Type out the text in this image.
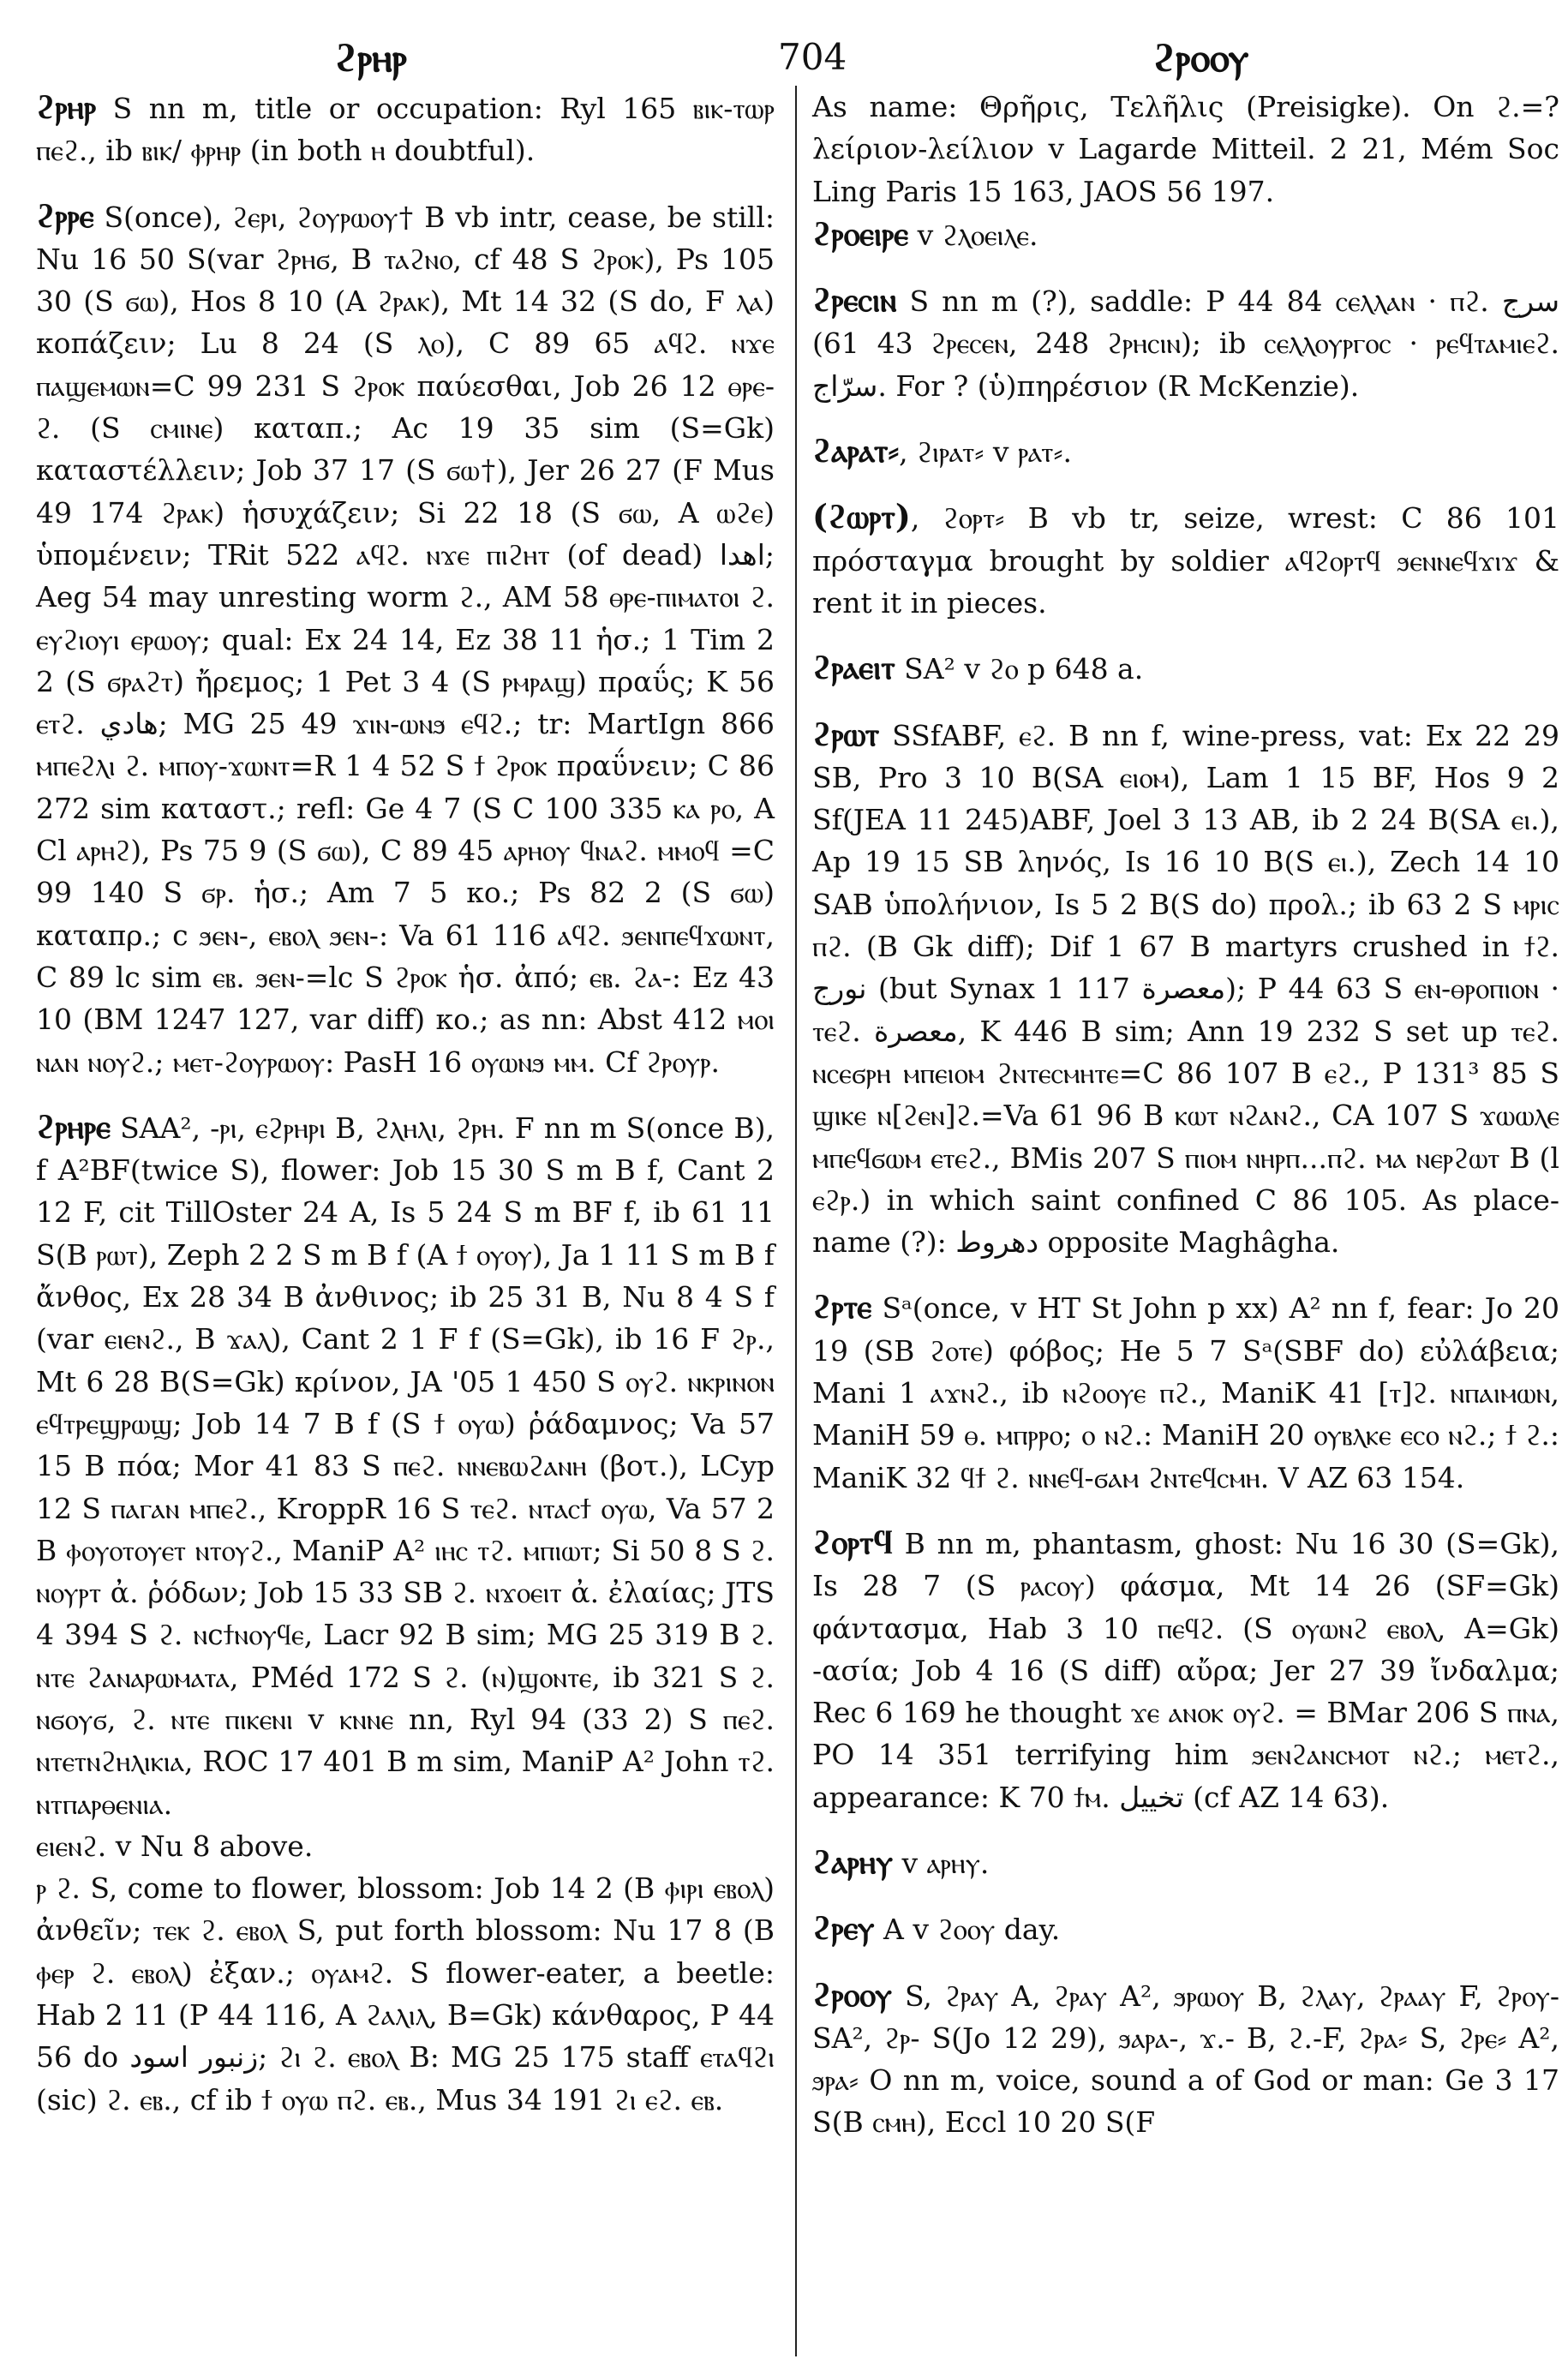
ϩⲣⲏⲣ	704	ϩⲣⲟⲟⲩ

ϩⲣⲏⲣ S nn m, title or occupation: Ryl 165 ⲃⲓⲕ-ⲧⲱⲣ ⲡⲉϩ., ib ⲃⲓⲕ/ ⲫⲣⲏⲣ (in both ⲏ doubtful).

ϩⲣⲣⲉ S(once), ϩⲉⲣⲓ, ϩⲟⲩⲣⲱⲟⲩ† B vb intr, cease, be still: Nu 16 50 S(var ϩⲣⲏϭ, B ⲧⲁϩⲛⲟ, cf 48 S ϩⲣⲟⲕ), Ps 105 30 (S ϭⲱ), Hos 8 10 (A ϩⲣⲁⲕ), Mt 14 32 (S do, F ⲗⲁ) κοπάζειν; Lu 8 24 (S ⲗⲟ), C 89 65 ⲁϥϩ. ⲛϫⲉ ⲡⲁϣⲉⲙⲱⲛ=C 99 231 S ϩⲣⲟⲕ παύεσθαι, Job 26 12 ⲑⲣⲉ- ϩ. (S ⲥⲙⲓⲛⲉ) καταπ.; Ac 19 35 sim (S=Gk) καταστέλλειν; Job 37 17 (S ϭⲱ†), Jer 26 27 (F Mus 49 174 ϩⲣⲁⲕ) ἡσυχάζειν; Si 22 18 (S ϭⲱ, A ⲱϩⲉ) ὑπομένειν; TRit 522 ⲁϥϩ. ⲛϫⲉ ⲡⲓϩⲏⲧ (of dead) اهدا; Aeg 54 may unresting worm ϩ., AM 58 ⲑⲣⲉ-ⲡⲓⲙⲁⲧⲟⲓ ϩ. ⲉⲩϩⲓⲟⲩⲓ ⲉⲣⲱⲟⲩ; qual: Ex 24 14, Ez 38 11 ἡσ.; 1 Tim 2 2 (S ϭⲣⲁϩⲧ) ἤρεμος; 1 Pet 3 4 (S ⲣⲙⲣⲁϣ) πραΰς; K 56 ⲉⲧϩ. هادي; MG 25 49 ϫⲓⲛ-ⲱⲛϧ ⲉϥϩ.; tr: MartIgn 866 ⲙⲡⲉϩⲗⲓ ϩ. ⲙⲡⲟⲩ-ϫⲱⲛⲧ=R 1 4 52 S ϯ ϩⲣⲟⲕ πραΰνειν; C 86 272 sim καταστ.; refl: Ge 4 7 (S C 100 335 ⲕⲁ ⲣⲟ, A Cl ⲁⲣⲏϩ), Ps 75 9 (S ϭⲱ), C 89 45 ⲁⲣⲏⲟⲩ ϥⲛⲁϩ. ⲙⲙⲟϥ =C 99 140 S ϭⲣ. ἡσ.; Am 7 5 κο.; Ps 82 2 (S ϭⲱ) καταπρ.; c ϧⲉⲛ-, ⲉⲃⲟⲗ ϧⲉⲛ-: Va 61 116 ⲁϥϩ. ϧⲉⲛⲡⲉϥϫⲱⲛⲧ, C 89 lc sim ⲉⲃ. ϧⲉⲛ-=lc S ϩⲣⲟⲕ ἡσ. ἀπό; ⲉⲃ. ϩⲁ-: Ez 43 10 (BM 1247 127, var diff) κο.; as nn: Abst 412 ⲙⲟⲓ ⲛⲁⲛ ⲛⲟⲩϩ.; ⲙⲉⲧ-ϩⲟⲩⲣⲱⲟⲩ: PasH 16 ⲟⲩⲱⲛϧ ⲙⲙ. Cf ϩⲣⲟⲩⲣ.

ϩⲣⲏⲣⲉ SAA², -ⲣⲓ, ⲉϩⲣⲏⲣⲓ B, ϩⲗⲏⲗⲓ, ϩⲣⲏ. F nn m S(once B), f A²BF(twice S), flower: Job 15 30 S m B f, Cant 2 12 F, cit TillOster 24 A, Is 5 24 S m BF f, ib 61 11 S(B ⲣⲱⲧ), Zeph 2 2 S m B f (A ϯ ⲟⲩⲟⲩ), Ja 1 11 S m B f ἄνθος, Ex 28 34 B ἀνθινος; ib 25 31 B, Nu 8 4 S f (var ⲉⲓⲉⲛϩ., B ϫⲁⲗ), Cant 2 1 F f (S=Gk), ib 16 F ϩⲣ., Mt 6 28 B(S=Gk) κρίνον, JA '05 1 450 S ⲟⲩϩ. ⲛⲕⲣⲓⲛⲟⲛ ⲉϥⲧⲣⲉϣⲣⲱϣ; Job 14 7 B f (S ϯ ⲟⲩⲱ) ῥάδαμνος; Va 57 15 B πόα; Mor 41 83 S ⲡⲉϩ. ⲛⲛⲉⲃⲱϩⲁⲛⲏ (βοτ.), LCyp 12 S ⲡⲁⲅⲁⲛ ⲙⲡⲉϩ., KroppR 16 S ⲧⲉϩ. ⲛⲧⲁⲥϯ ⲟⲩⲱ, Va 57 2 B ⲫⲟⲩⲟⲧⲟⲩⲉⲧ ⲛⲧⲟⲩϩ., ManiP A² ⲓⲏⲥ ⲧϩ. ⲙⲡⲓⲱⲧ; Si 50 8 S ϩ. ⲛⲟⲩⲣⲧ ἀ. ῥόδων; Job 15 33 SB ϩ. ⲛϫⲟⲉⲓⲧ ἀ. ἐλαίας; JTS 4 394 S ϩ. ⲛϲϯⲛⲟⲩϥⲉ, Lacr 92 B sim; MG 25 319 B ϩ. ⲛⲧⲉ ϩⲁⲛⲁⲣⲱⲙⲁⲧⲁ, PMéd 172 S ϩ. (ⲛ)ϣⲟⲛⲧⲉ, ib 321 S ϩ. ⲛϭⲟⲩϭ, ϩ. ⲛⲧⲉ ⲡⲓⲕⲉⲛⲓ v ⲕⲛⲛⲉ nn, Ryl 94 (33 2) S ⲡⲉϩ. ⲛⲧⲉⲧⲛϩⲏⲗⲓⲕⲓⲁ, ROC 17 401 B m sim, ManiP A² John ⲧϩ. ⲛⲧⲡⲁⲣⲑⲉⲛⲓⲁ.

ⲉⲓⲉⲛϩ. v Nu 8 above.

ⲣ ϩ. S, come to flower, blossom: Job 14 2 (B ⲫⲓⲣⲓ ⲉⲃⲟⲗ) ἀνθεῖν; ⲧⲉⲕ ϩ. ⲉⲃⲟⲗ S, put forth blossom: Nu 17 8 (B ⲫⲉⲣ ϩ. ⲉⲃⲟⲗ) ἐξαν.; ⲟⲩⲁⲙϩ. S flower-eater, a beetle: Hab 2 11 (P 44 116, A ϩⲁⲗⲓⲗ, B=Gk) κάνθαρος, P 44 56 do زنبور اسود; ϩⲓ ϩ. ⲉⲃⲟⲗ B: MG 25 175 staff ⲉⲧⲁϥϩⲓ (sic) ϩ. ⲉⲃ., cf ib ϯ ⲟⲩⲱ ⲡϩ. ⲉⲃ., Mus 34 191 ϩⲓ ⲉϩ. ⲉⲃ.

As name: Θρῆρις, Τελῆλις (Preisigke). On ϩ.=? λείριον-λείλιον v Lagarde Mitteil. 2 21, Mém Soc Ling Paris 15 163, JAOS 56 197.

ϩⲣⲟⲉⲓⲣⲉ v ϩⲗⲟⲉⲓⲗⲉ.

ϩⲣⲉⲥⲓⲛ S nn m (?), saddle: P 44 84 ⲥⲉⲗⲗⲁⲛ · ⲡϩ. سرج (43 61 ϩⲣⲉⲥⲉⲛ, 248 ϩⲣⲏⲥⲓⲛ); ib ⲥⲉⲗⲗⲟⲩⲣⲅⲟⲥ · ⲣⲉϥⲧⲁⲙⲓⲉϩ. سرّاج. For ? (ὑ)πηρέσιον (R McKenzie).

ϩⲁⲣⲁⲧ⸗, ϩⲓⲣⲁⲧ⸗ v ⲣⲁⲧ⸗.

(ϩⲱⲣⲧ), ϩⲟⲣⲧ⸗ B vb tr, seize, wrest: C 86 101 πρόσταγμα brought by soldier ⲁϥϩⲟⲣⲧϥ ϧⲉⲛⲛⲉϥϫⲓϫ & rent it in pieces.

ϩⲣⲁⲉⲓⲧ SA² v ϩⲟ p 648 a.

ϩⲣⲱⲧ SSfABF, ⲉϩ. B nn f, wine-press, vat: Ex 22 29 SB, Pro 3 10 B(SA ⲉⲓⲟⲙ), Lam 1 15 BF, Hos 9 2 Sf(JEA 11 245)ABF, Joel 3 13 AB, ib 2 24 B(SA ⲉⲓ.), Ap 19 15 SB ληνός, Is 16 10 B(S ⲉⲓ.), Zech 14 10 SAB ὑπολήνιον, Is 5 2 B(S do) προλ.; ib 63 2 S ⲙⲣⲓⲥ ⲡϩ. (B Gk diff); Dif 1 67 B martyrs crushed in ϯϩ. نورج (but Synax 1 117 معصرة); P 44 63 S ⲉⲛ-ⲑⲣⲟⲡⲓⲟⲛ · ⲧⲉϩ. معصرة, K 446 B sim; Ann 19 232 S set up ⲧⲉϩ. ⲛⲥⲉϭⲣⲏ ⲙⲡⲉⲓⲟⲙ ϩⲛⲧⲉⲥⲙⲏⲧⲉ=C 86 107 B ⲉϩ., P 131³ 85 S ϣⲓⲕⲉ ⲛ[ϩⲉⲛ]ϩ.=Va 61 96 B ⲕⲱⲧ ⲛϩⲁⲛϩ., CA 107 S ϫⲱⲱⲗⲉ ⲙⲡⲉϥϭⲱⲙ ⲉⲧⲉϩ., BMis 207 S ⲡⲓⲟⲙ ⲛⲏⲣⲡ...ⲡϩ. ⲙⲁ ⲛⲉⲣϩⲱⲧ B (l ⲉϩⲣ.) in which saint confined C 86 105. As place-name (?): دهروط opposite Maghâgha.

ϩⲣⲧⲉ Sᵃ(once, v HT St John p xx) A² nn f, fear: Jo 20 19 (SB ϩⲟⲧⲉ) φόβος; He 5 7 Sᵃ(SBF do) εὐλάβεια; Mani 1 ⲁϫⲛϩ., ib ⲛϩⲟⲟⲩⲉ ⲡϩ., ManiK 41 [ⲧ]ϩ. ⲛⲡⲁⲓⲙⲱⲛ, ManiH 59 ⲑ. ⲙⲡⲣⲣⲟ; ⲟ ⲛϩ.: ManiH 20 ⲟⲩⲃⲗⲕⲉ ⲉⲥⲟ ⲛϩ.; ϯ ϩ.: ManiK 32 ϥϯ ϩ. ⲛⲛⲉϥ-ϭⲁⲙ ϩⲛⲧⲉϥⲥⲙⲏ. V AZ 63 154.

ϩⲟⲣⲧϥ B nn m, phantasm, ghost: Nu 16 30 (S=Gk), Is 28 7 (S ⲣⲁⲥⲟⲩ) φάσμα, Mt 14 26 (SF=Gk) φάντασμα, Hab 3 10 ⲡⲉϥϩ. (S ⲟⲩⲱⲛϩ ⲉⲃⲟⲗ, A=Gk) -ασία; Job 4 16 (S diff) αὔρα; Jer 27 39 ἴνδαλμα; Rec 6 169 he thought ϫⲉ ⲁⲛⲟⲕ ⲟⲩϩ. = BMar 206 S ⲡⲛⲁ, PO 14 351 terrifying him ϧⲉⲛϩⲁⲛⲥⲙⲟⲧ ⲛϩ.; ⲙⲉⲧϩ., appearance: K 70 ϯⲙ. تخييل (cf AZ 14 63).

ϩⲁⲣⲏⲩ v ⲁⲣⲏⲩ.

ϩⲣⲉⲩ A v ϩⲟⲟⲩ day.

ϩⲣⲟⲟⲩ S, ϩⲣⲁⲩ A, ϩⲣⲁⲩ A², ϧⲣⲱⲟⲩ B, ϩⲗⲁⲩ, ϩⲣⲁⲁⲩ F, ϩⲣⲟⲩ- SA², ϩⲣ- S(Jo 12 29), ϧⲁⲣⲁ-, ϫ.- B, ϩ.-F, ϩⲣⲁ⸗ S, ϩⲣⲉ⸗ A², ϧⲣⲁ⸗ O nn m, voice, sound a of God or man: Ge 3 17 S(B ⲥⲙⲏ), Eccl 10 20 S(F
